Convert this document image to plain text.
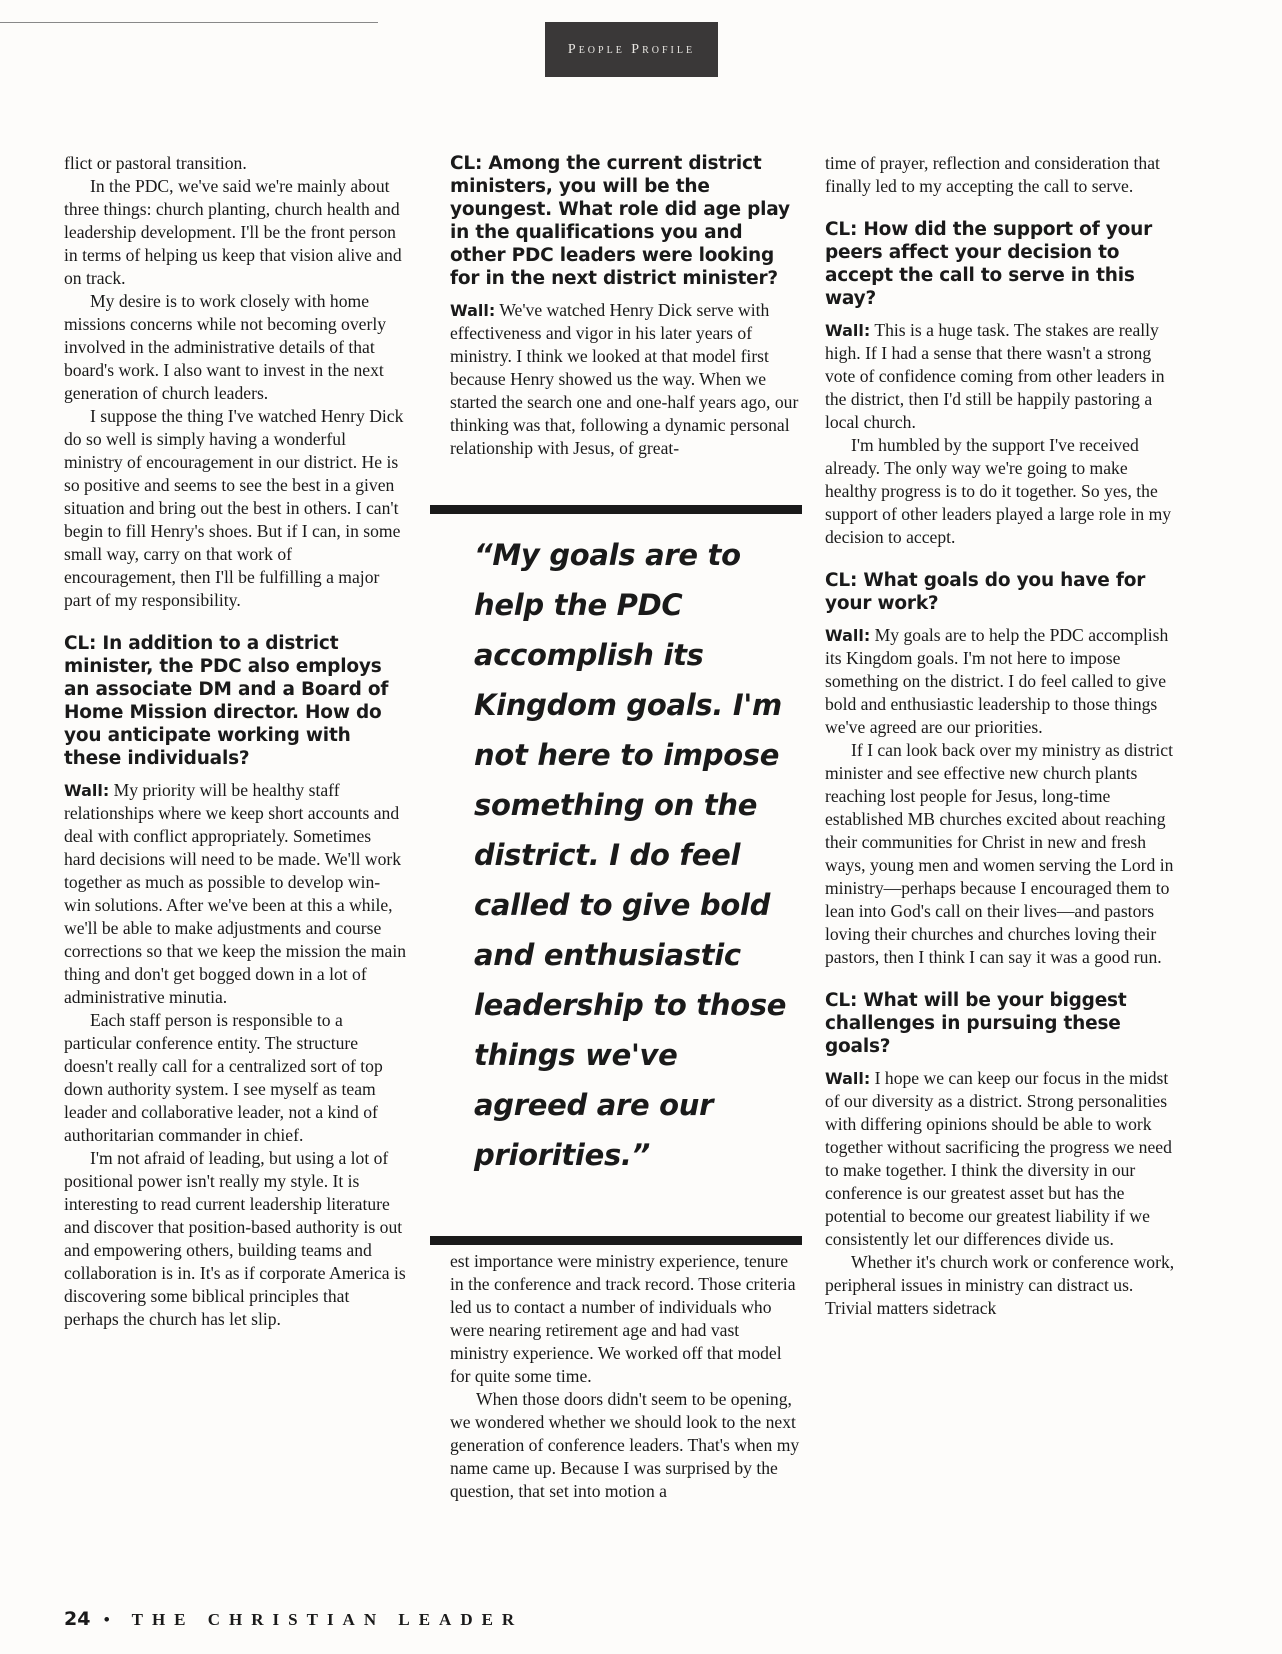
People Profile

flict or pastoral transition.

In the PDC, we've said we're mainly about three things: church planting, church health and leadership development. I'll be the front person in terms of helping us keep that vision alive and on track.

My desire is to work closely with home missions concerns while not becoming overly involved in the administrative details of that board's work. I also want to invest in the next generation of church leaders.

I suppose the thing I've watched Henry Dick do so well is simply having a wonderful ministry of encouragement in our district. He is so positive and seems to see the best in a given situation and bring out the best in others. I can't begin to fill Henry's shoes. But if I can, in some small way, carry on that work of encouragement, then I'll be fulfilling a major part of my responsibility.

CL: In addition to a district minister, the PDC also employs an associate DM and a Board of Home Mission director. How do you anticipate working with these individuals?

Wall: My priority will be healthy staff relationships where we keep short accounts and deal with conflict appropriately. Sometimes hard decisions will need to be made. We'll work together as much as possible to develop win-win solutions. After we've been at this a while, we'll be able to make adjustments and course corrections so that we keep the mission the main thing and don't get bogged down in a lot of administrative minutia.

Each staff person is responsible to a particular conference entity. The structure doesn't really call for a centralized sort of top down authority system. I see myself as team leader and collaborative leader, not a kind of authoritarian commander in chief.

I'm not afraid of leading, but using a lot of positional power isn't really my style. It is interesting to read current leadership literature and discover that position-based authority is out and empowering others, building teams and collaboration is in. It's as if corporate America is discovering some biblical principles that perhaps the church has let slip.

CL: Among the current district ministers, you will be the youngest. What role did age play in the qualifications you and other PDC leaders were looking for in the next district minister?

Wall: We've watched Henry Dick serve with effectiveness and vigor in his later years of ministry. I think we looked at that model first because Henry showed us the way. When we started the search one and one-half years ago, our thinking was that, following a dynamic personal relationship with Jesus, of great-

“My goals are to help the PDC accomplish its Kingdom goals. I'm not here to impose something on the district. I do feel called to give bold and enthusiastic leadership to those things we've agreed are our priorities.”

est importance were ministry experience, tenure in the conference and track record. Those criteria led us to contact a number of individuals who were nearing retirement age and had vast ministry experience. We worked off that model for quite some time.

When those doors didn't seem to be opening, we wondered whether we should look to the next generation of conference leaders. That's when my name came up. Because I was surprised by the question, that set into motion a

time of prayer, reflection and consideration that finally led to my accepting the call to serve.

CL: How did the support of your peers affect your decision to accept the call to serve in this way?

Wall: This is a huge task. The stakes are really high. If I had a sense that there wasn't a strong vote of confidence coming from other leaders in the district, then I'd still be happily pastoring a local church.

I'm humbled by the support I've received already. The only way we're going to make healthy progress is to do it together. So yes, the support of other leaders played a large role in my decision to accept.

CL: What goals do you have for your work?

Wall: My goals are to help the PDC accomplish its Kingdom goals. I'm not here to impose something on the district. I do feel called to give bold and enthusiastic leadership to those things we've agreed are our priorities.

If I can look back over my ministry as district minister and see effective new church plants reaching lost people for Jesus, long-time established MB churches excited about reaching their communities for Christ in new and fresh ways, young men and women serving the Lord in ministry—perhaps because I encouraged them to lean into God's call on their lives—and pastors loving their churches and churches loving their pastors, then I think I can say it was a good run.

CL: What will be your biggest challenges in pursuing these goals?

Wall: I hope we can keep our focus in the midst of our diversity as a district. Strong personalities with differing opinions should be able to work together without sacrificing the progress we need to make together. I think the diversity in our conference is our greatest asset but has the potential to become our greatest liability if we consistently let our differences divide us.

Whether it's church work or conference work, peripheral issues in ministry can distract us. Trivial matters sidetrack

24 • THE CHRISTIAN LEADER
